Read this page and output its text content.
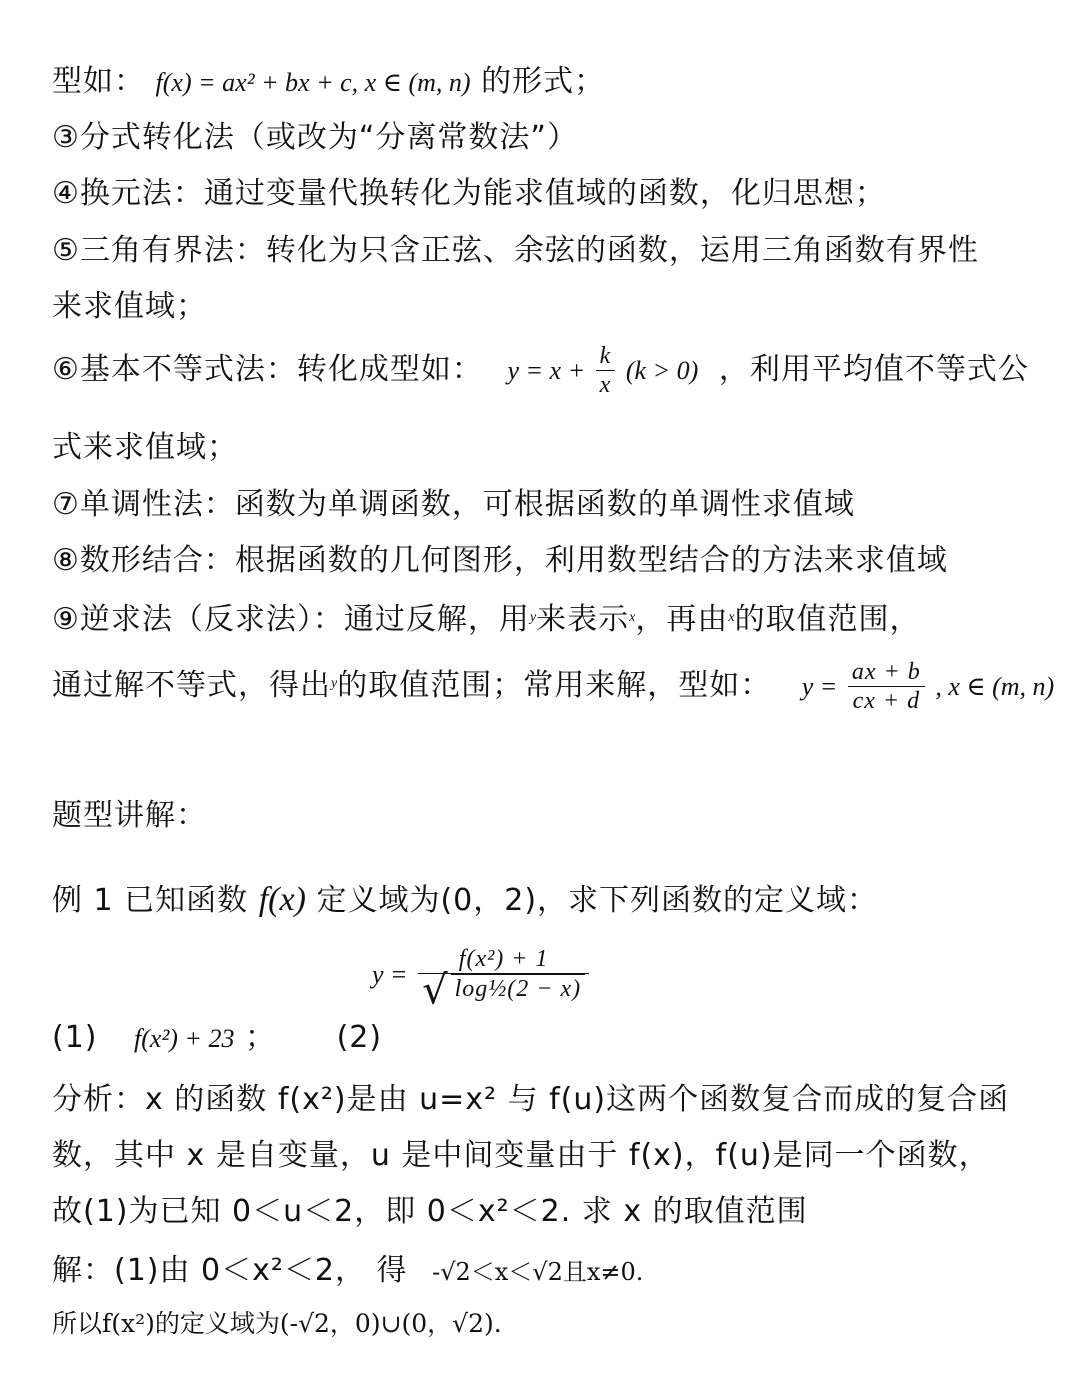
型如： f(x) = ax² + bx + c, x ∈ (m, n) 的形式；
③分式转化法（或改为“分离常数法”）
④换元法：通过变量代换转化为能求值域的函数，化归思想；
⑤三角有界法：转化为只含正弦、余弦的函数，运用三角函数有界性
来求值域；
⑥基本不等式法：转化成型如： $y = x + \frac{k}{x} (k > 0)$ ，利用平均值不等式公
式来求值域；
⑦单调性法：函数为单调函数，可根据函数的单调性求值域
⑧数形结合：根据函数的几何图形，利用数型结合的方法来求值域
⑨逆求法（反求法）：通过反解，用$^y$来表示$^x$，再由$^x$的取值范围，
通过解不等式，得出$^y$的取值范围；常用来解，型如： $y = \frac{ax + b}{cx + d}$ , x ∈ (m, n)
题型讲解：
例 1 已知函数 f(x) 定义域为(0，2)，求下列函数的定义域：
$y = \frac{\text{f(x²) + 1}}{\text{√ log½(2 − x)}}$
(1) f(x²) + 23 ； (2)
分析：x 的函数 f(x²)是由 u=x² 与 f(u)这两个函数复合而成的复合函
数，其中 x 是自变量，u 是中间变量由于 f(x)，f(u)是同一个函数，
故(1)为已知 0＜u＜2，即 0＜x²＜2. 求 x 的取值范围
解：(1)由 0＜x²＜2， 得 -√2＜x＜√2且x≠0.
所以f(x²)的定义域为(-√2，0)∪(0，√2).
